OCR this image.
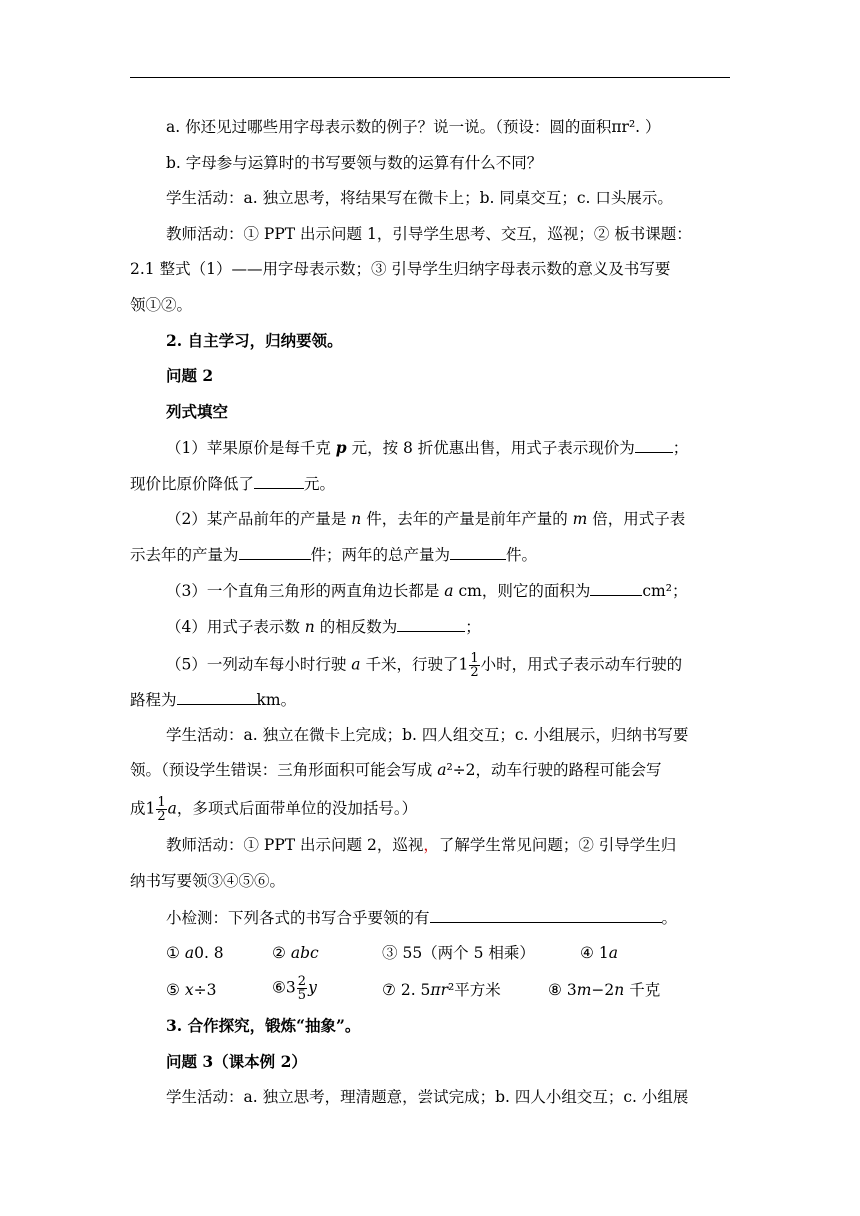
a. 你还见过哪些用字母表示数的例子？说一说。（预设：圆的面积πr². ）
b. 字母参与运算时的书写要领与数的运算有什么不同？
学生活动：a. 独立思考，将结果写在微卡上；b. 同桌交互；c. 口头展示。
教师活动：① PPT 出示问题 1，引导学生思考、交互，巡视；② 板书课题：
2.1 整式（1）——用字母表示数；③ 引导学生归纳字母表示数的意义及书写要
领①②。
2. 自主学习，归纳要领。
问题 2
列式填空
（1）苹果原价是每千克 p 元，按 8 折优惠出售，用式子表示现价为 ；
现价比原价降低了	元。
（2）某产品前年的产量是 n 件，去年的产量是前年产量的 m 倍，用式子表
示去年的产量为	件；两年的总产量为	件。
（3）一个直角三角形的两直角边长都是 a cm，则它的面积为	cm²；
（4）用式子表示数 n 的相反数为	；
（5）一列动车每小时行驶 a 千米，行驶了$1 \frac{1}{2}$ 小时，用式子表示动车行驶的
路程为	km。
学生活动：a. 独立在微卡上完成；b. 四人组交互；c. 小组展示，归纳书写要
领。（预设学生错误：三角形面积可能会写成 a²÷2，动车行驶的路程可能会写
成$1 \frac{1}{2}$ a，多项式后面带单位的没加括号。）
教师活动：① PPT 出示问题 2，巡视，了解学生常见问题；② 引导学生归
纳书写要领③④⑤⑥。
小检测：下列各式的书写合乎要领的有	。
① a0. 8	② abc	③ 55（两个 5 相乘）	④ 1a
⑤ x÷3	⑥3 $\frac{2}{5}$ y	⑦ 2. 5πr²平方米	⑧ 3m−2n 千克
3. 合作探究，锻炼“抽象”。
问题 3（课本例 2）
学生活动：a. 独立思考，理清题意，尝试完成；b. 四人小组交互；c. 小组展
